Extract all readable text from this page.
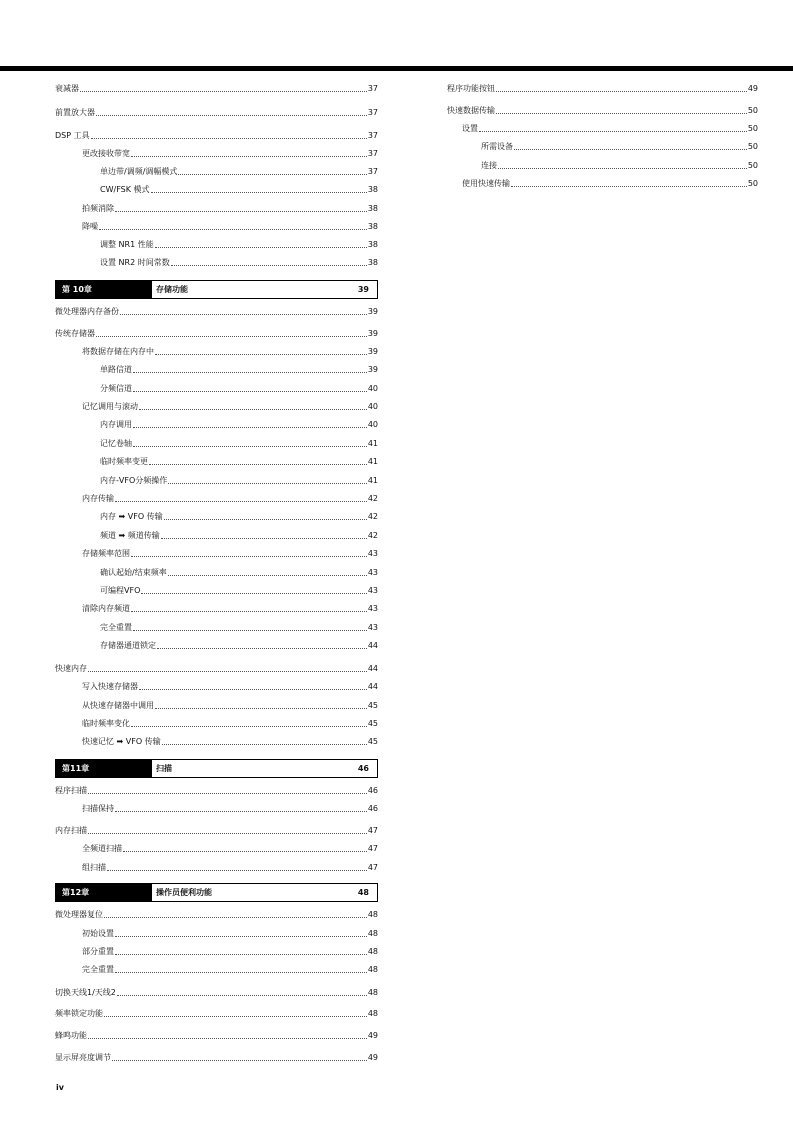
衰减器	37
前置放大器	37
DSP 工具	37
更改接收带宽	37
单边带/调频/调幅模式	37
CW/FSK 模式	38
拍频消除	38
降噪	38
调整 NR1 性能	38
设置 NR2 时间常数	38
第 10章	存储功能	39
微处理器内存备份	39
传统存储器	39
将数据存储在内存中	39
单路信道	39
分频信道	40
记忆调用与滚动	40
内存调用	40
记忆卷轴	41
临时频率变更	41
内存-VFO分频操作	41
内存传输	42
内存 ➡ VFO 传输	42
频道 ➡ 频道传输	42
存储频率范围	43
确认起始/结束频率	43
可编程VFO	43
清除内存频道	43
完全重置	43
存储器通道锁定	44
快速内存	44
写入快速存储器	44
从快速存储器中调用	45
临时频率变化	45
快速记忆 ➡ VFO 传输	45
第11章	扫描	46
程序扫描	46
扫描保持	46
内存扫描	47
全频道扫描	47
组扫描	47
第12章	操作员便利功能	48
微处理器复位	48
初始设置	48
部分重置	48
完全重置	48
切换天线1/天线2	48
频率锁定功能	48
蜂鸣功能	49
显示屏亮度调节	49
程序功能按钮	49
快速数据传输	50
设置	50
所需设备	50
连接	50
使用快速传输	50
iv
